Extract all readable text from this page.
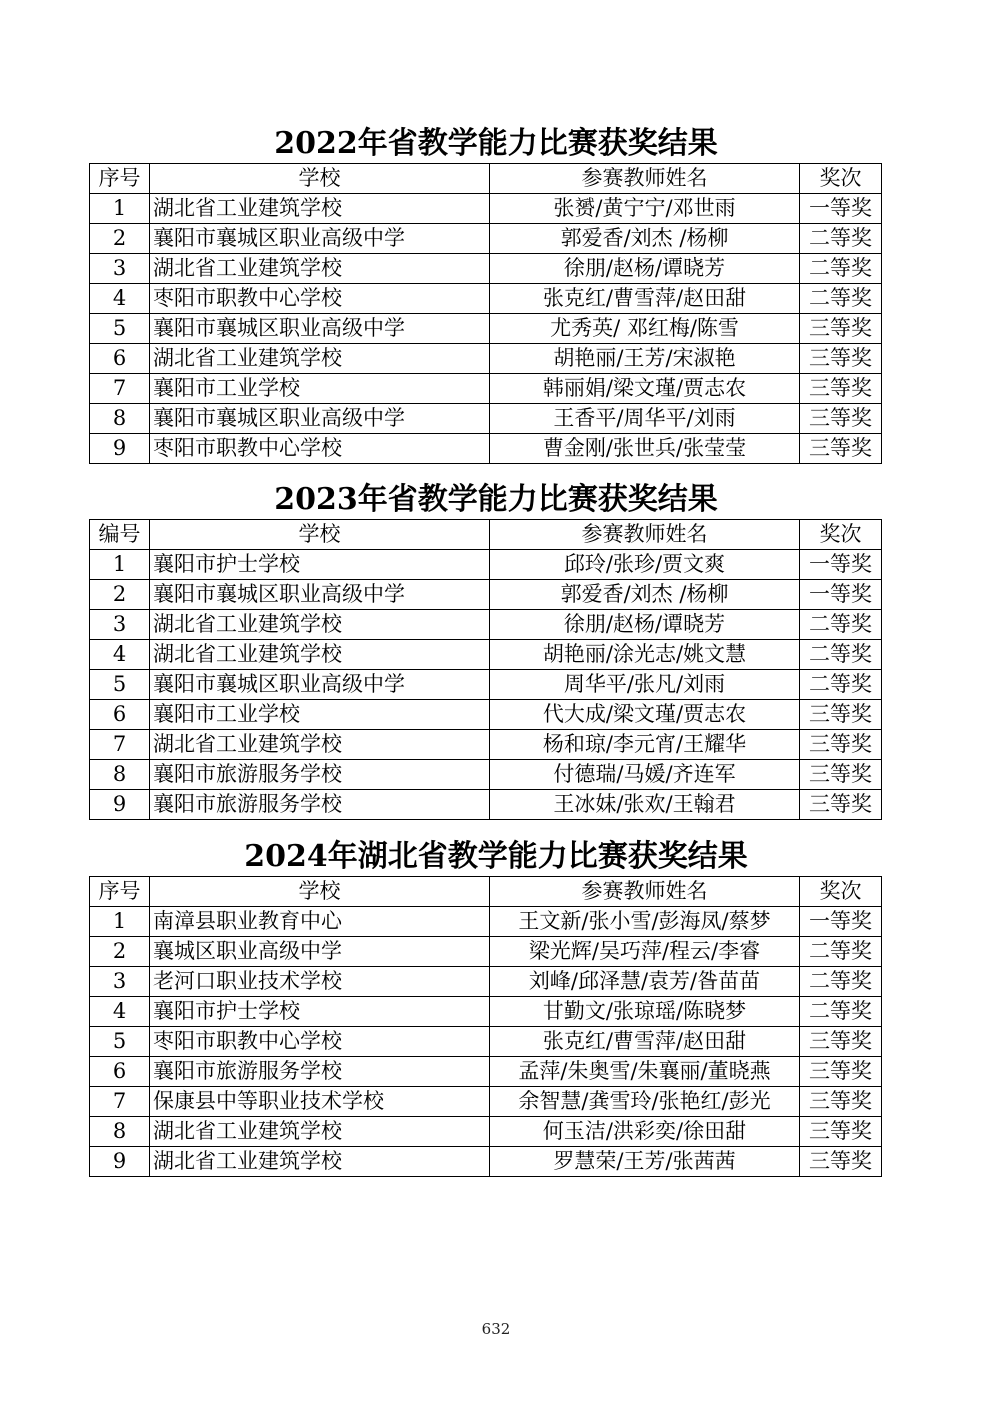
2022年省教学能力比赛获奖结果
序号	学校	参赛教师姓名	奖次
1	湖北省工业建筑学校	张赟/黄宁宁/邓世雨	一等奖
2	襄阳市襄城区职业高级中学	郭爱香/刘杰 /杨柳	二等奖
3	湖北省工业建筑学校	徐朋/赵杨/谭晓芳	二等奖
4	枣阳市职教中心学校	张克红/曹雪萍/赵田甜	二等奖
5	襄阳市襄城区职业高级中学	尤秀英/ 邓红梅/陈雪	三等奖
6	湖北省工业建筑学校	胡艳丽/王芳/宋淑艳	三等奖
7	襄阳市工业学校	韩丽娟/梁文瑾/贾志农	三等奖
8	襄阳市襄城区职业高级中学	王香平/周华平/刘雨	三等奖
9	枣阳市职教中心学校	曹金刚/张世兵/张莹莹	三等奖
2023年省教学能力比赛获奖结果
编号	学校	参赛教师姓名	奖次
1	襄阳市护士学校	邱玲/张珍/贾文爽	一等奖
2	襄阳市襄城区职业高级中学	郭爱香/刘杰 /杨柳	一等奖
3	湖北省工业建筑学校	徐朋/赵杨/谭晓芳	二等奖
4	湖北省工业建筑学校	胡艳丽/涂光志/姚文慧	二等奖
5	襄阳市襄城区职业高级中学	周华平/张凡/刘雨	二等奖
6	襄阳市工业学校	代大成/梁文瑾/贾志农	三等奖
7	湖北省工业建筑学校	杨和琼/李元宵/王耀华	三等奖
8	襄阳市旅游服务学校	付德瑞/马媛/齐连军	三等奖
9	襄阳市旅游服务学校	王冰妹/张欢/王翰君	三等奖
2024年湖北省教学能力比赛获奖结果
序号	学校	参赛教师姓名	奖次
1	南漳县职业教育中心	王文新/张小雪/彭海凤/蔡梦	一等奖
2	襄城区职业高级中学	梁光辉/吴巧萍/程云/李睿	二等奖
3	老河口职业技术学校	刘峰/邱泽慧/袁芳/昝苗苗	二等奖
4	襄阳市护士学校	甘勤文/张琼瑶/陈晓梦	二等奖
5	枣阳市职教中心学校	张克红/曹雪萍/赵田甜	三等奖
6	襄阳市旅游服务学校	孟萍/朱奥雪/朱襄丽/董晓燕	三等奖
7	保康县中等职业技术学校	余智慧/龚雪玲/张艳红/彭光	三等奖
8	湖北省工业建筑学校	何玉洁/洪彩奕/徐田甜	三等奖
9	湖北省工业建筑学校	罗慧荣/王芳/张茜茜	三等奖
632
